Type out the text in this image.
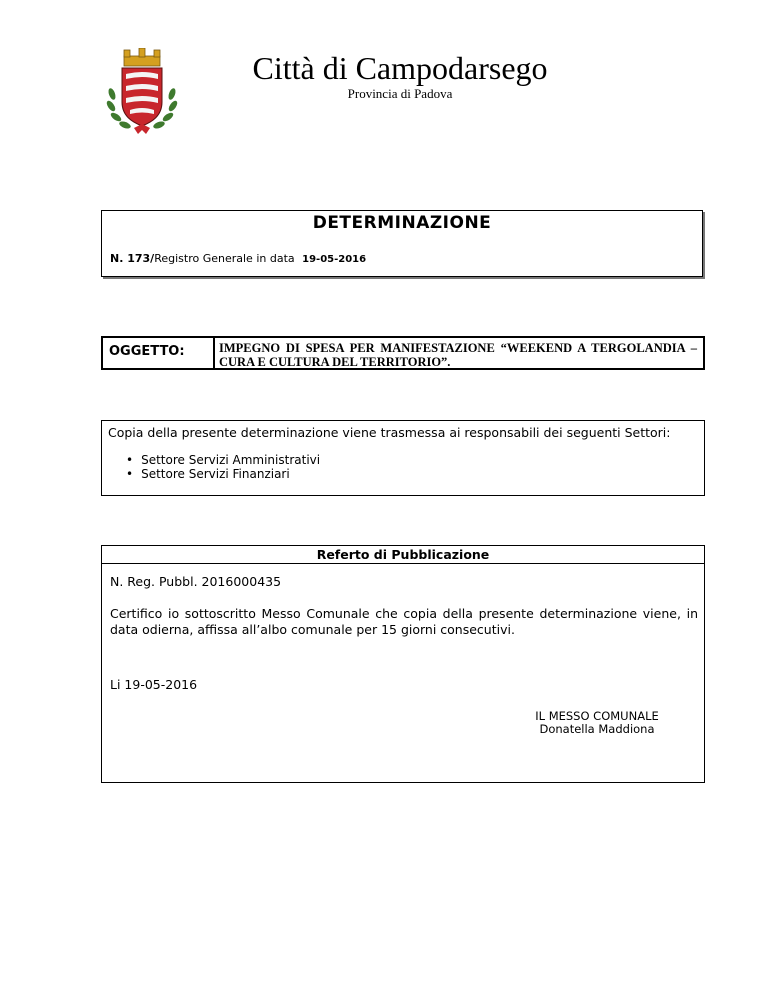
Città di Campodarsego
Provincia di Padova
DETERMINAZIONE
N. 173/Registro Generale in data 19-05-2016
OGGETTO:	IMPEGNO DI SPESA PER MANIFESTAZIONE “WEEKEND A TERGOLANDIA – CURA E CULTURA DEL TERRITORIO”.
Copia della presente determinazione viene trasmessa ai responsabili dei seguenti Settori:
• Settore Servizi Amministrativi
• Settore Servizi Finanziari
Referto di Pubblicazione
N. Reg. Pubbl. 2016000435
Certifico io sottoscritto Messo Comunale che copia della presente determinazione viene, in data odierna, affissa all’albo comunale per 15 giorni consecutivi.
Li 19-05-2016
IL MESSO COMUNALE
Donatella Maddiona
